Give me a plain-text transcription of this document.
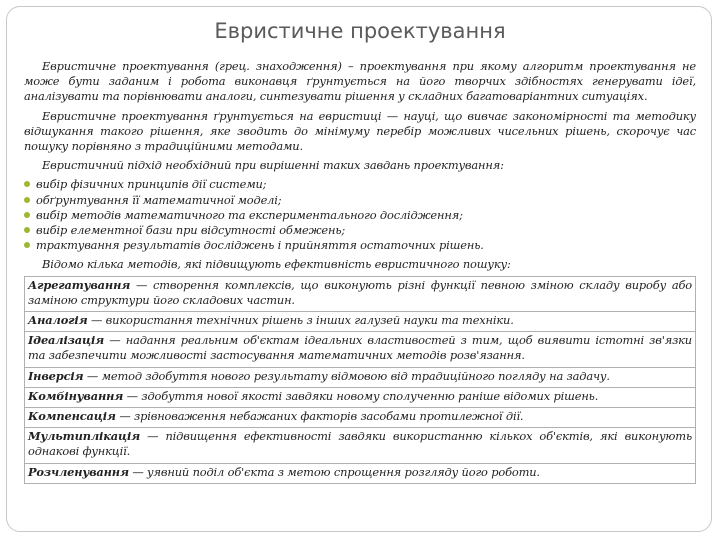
Евристичне проектування

Евристичне проектування (грец. знаходження) – проектування при якому алгоритм проектування не може бути заданим і робота виконавця ґрунтується на його творчих здібностях генерувати ідеї, аналізувати та порівнювати аналоги, синтезувати рішення у складних багатоваріантних ситуаціях.

Евристичне проектування ґрунтується на евристиці — науці, що вивчає закономірності та методику відшукання такого рішення, яке зводить до мінімуму перебір можливих чисельних рішень, скорочує час пошуку порівняно з традиційними методами.

Евристичний підхід необхідний при вирішенні таких завдань проектування:
вибір фізичних принципів дії системи;
обґрунтування її математичної моделі;
вибір методів математичного та експериментального дослідження;
вибір елементної бази при відсутності обмежень;
трактування результатів досліджень і прийняття остаточних рішень.
Відомо кілька методів, які підвищують ефективність евристичного пошуку:
Агрегатування — створення комплексів, що виконують різні функції певною зміною складу виробу або заміною структури його складових частин.
Аналогія — використання технічних рішень з інших галузей науки та техніки.
Ідеалізація — надання реальним об'єктам ідеальних властивостей з тим, щоб виявити істотні зв'язки та забезпечити можливості застосування математичних методів розв'язання.
Інверсія — метод здобуття нового результату відмовою від традиційного погляду на задачу.
Комбінування — здобуття нової якості завдяки новому сполученню раніше відомих рішень.
Компенсація — зрівноваження небажаних факторів засобами протилежної дії.
Мультиплікація — підвищення ефективності завдяки використанню кількох об'єктів, які виконують однакові функції.
Розчленування — уявний поділ об'єкта з метою спрощення розгляду його роботи.
